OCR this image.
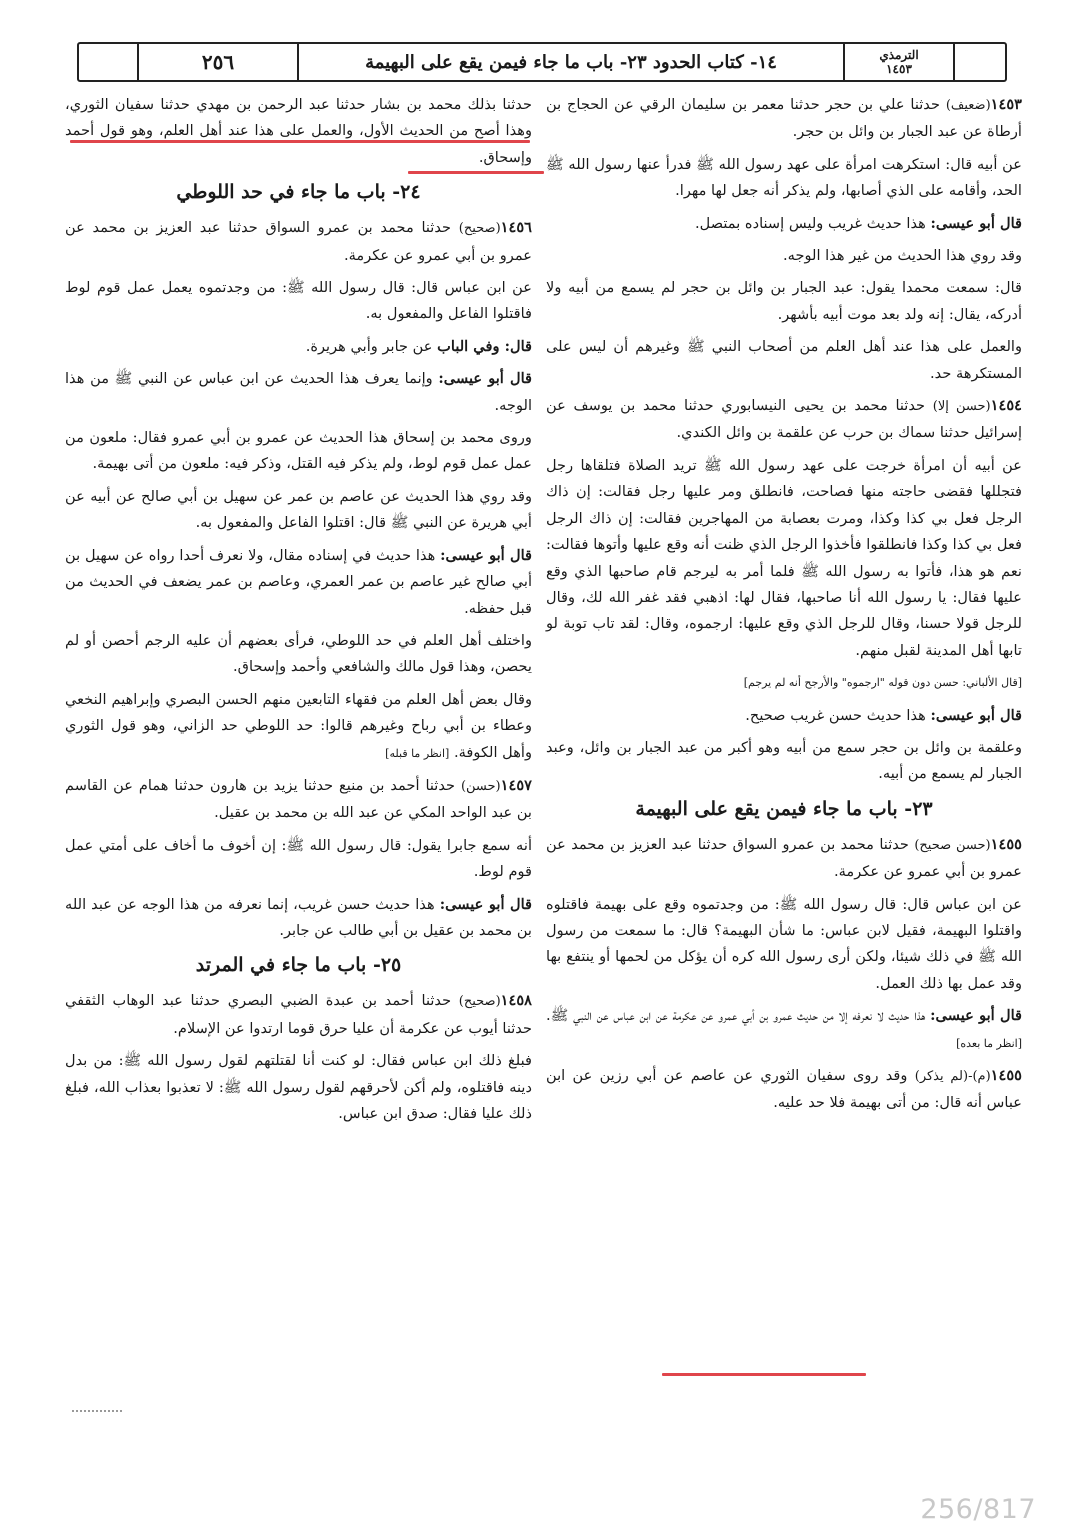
٢٥٦	١٤- كتاب الحدود ٢٣- باب ما جاء فيمن يقع على البهيمة	الترمذي
١٤٥٣

١٤٥٣(ضعيف) حدثنا علي بن حجر حدثنا معمر بن سليمان الرقي عن الحجاج بن أرطاة عن عبد الجبار بن وائل بن حجر.

عن أبيه قال: استكرهت امرأة على عهد رسول الله ﷺ فدرأ عنها رسول الله ﷺ الحد، وأقامه على الذي أصابها، ولم يذكر أنه جعل لها مهرا.

قال أبو عيسى: هذا حديث غريب وليس إسناده بمتصل.

وقد روي هذا الحديث من غير هذا الوجه.

قال: سمعت محمدا يقول: عبد الجبار بن وائل بن حجر لم يسمع من أبيه ولا أدركه، يقال: إنه ولد بعد موت أبيه بأشهر.

والعمل على هذا عند أهل العلم من أصحاب النبي ﷺ وغيرهم أن ليس على المستكرهة حد.

١٤٥٤(حسن إلا) حدثنا محمد بن يحيى النيسابوري حدثنا محمد بن يوسف عن إسرائيل حدثنا سماك بن حرب عن علقمة بن وائل الكندي.

عن أبيه أن امرأة خرجت على عهد رسول الله ﷺ تريد الصلاة فتلقاها رجل فتجللها فقضى حاجته منها فصاحت، فانطلق ومر عليها رجل فقالت: إن ذاك الرجل فعل بي كذا وكذا، ومرت بعصابة من المهاجرين فقالت: إن ذاك الرجل فعل بي كذا وكذا فانطلقوا فأخذوا الرجل الذي ظنت أنه وقع عليها وأتوها فقالت: نعم هو هذا، فأتوا به رسول الله ﷺ فلما أمر به ليرجم قام صاحبها الذي وقع عليها فقال: يا رسول الله أنا صاحبها، فقال لها: اذهبي فقد غفر الله لك، وقال للرجل قولا حسنا، وقال للرجل الذي وقع عليها: ارجموه، وقال: لقد تاب توبة لو تابها أهل المدينة لقبل منهم.

[قال الألباني: حسن دون قوله "ارجموه" والأرجح أنه لم يرجم]

قال أبو عيسى: هذا حديث حسن غريب صحيح.

وعلقمة بن وائل بن حجر سمع من أبيه وهو أكبر من عبد الجبار بن وائل، وعبد الجبار لم يسمع من أبيه.

٢٣- باب ما جاء فيمن يقع على البهيمة

١٤٥٥(حسن صحيح) حدثنا محمد بن عمرو السواق حدثنا عبد العزيز بن محمد عن عمرو بن أبي عمرو عن عكرمة.

عن ابن عباس قال: قال رسول الله ﷺ: من وجدتموه وقع على بهيمة فاقتلوه واقتلوا البهيمة، فقيل لابن عباس: ما شأن البهيمة؟ قال: ما سمعت من رسول الله ﷺ في ذلك شيئا، ولكن أرى رسول الله كره أن يؤكل من لحمها أو ينتفع بها وقد عمل بها ذلك العمل.

قال أبو عيسى: هذا حديث لا نعرفه إلا من حديث عمرو بن أبي عمرو عن عكرمة عن ابن عباس عن النبي ﷺ. [انظر ما بعده]

١٤٥٥(م)-(لم يذكر) وقد روى سفيان الثوري عن عاصم عن أبي رزين عن ابن عباس أنه قال: من أتى بهيمة فلا حد عليه.

حدثنا بذلك محمد بن بشار حدثنا عبد الرحمن بن مهدي حدثنا سفيان الثوري، وهذا أصح من الحديث الأول، والعمل على هذا عند أهل العلم، وهو قول أحمد وإسحاق.

٢٤- باب ما جاء في حد اللوطي

١٤٥٦(صحيح) حدثنا محمد بن عمرو السواق حدثنا عبد العزيز بن محمد عن عمرو بن أبي عمرو عن عكرمة.

عن ابن عباس قال: قال رسول الله ﷺ: من وجدتموه يعمل عمل قوم لوط فاقتلوا الفاعل والمفعول به.

قال: وفي الباب عن جابر وأبي هريرة.

قال أبو عيسى: وإنما يعرف هذا الحديث عن ابن عباس عن النبي ﷺ من هذا الوجه.

وروى محمد بن إسحاق هذا الحديث عن عمرو بن أبي عمرو فقال: ملعون من عمل عمل قوم لوط، ولم يذكر فيه القتل، وذكر فيه: ملعون من أتى بهيمة.

وقد روي هذا الحديث عن عاصم بن عمر عن سهيل بن أبي صالح عن أبيه عن أبي هريرة عن النبي ﷺ قال: اقتلوا الفاعل والمفعول به.

قال أبو عيسى: هذا حديث في إسناده مقال، ولا نعرف أحدا رواه عن سهيل بن أبي صالح غير عاصم بن عمر العمري، وعاصم بن عمر يضعف في الحديث من قبل حفظه.

واختلف أهل العلم في حد اللوطي، فرأى بعضهم أن عليه الرجم أحصن أو لم يحصن، وهذا قول مالك والشافعي وأحمد وإسحاق.

وقال بعض أهل العلم من فقهاء التابعين منهم الحسن البصري وإبراهيم النخعي وعطاء بن أبي رباح وغيرهم قالوا: حد اللوطي حد الزاني، وهو قول الثوري وأهل الكوفة. [انظر ما قبله]

١٤٥٧(حسن) حدثنا أحمد بن منيع حدثنا يزيد بن هارون حدثنا همام عن القاسم بن عبد الواحد المكي عن عبد الله بن محمد بن عقيل.

أنه سمع جابرا يقول: قال رسول الله ﷺ: إن أخوف ما أخاف على أمتي عمل قوم لوط.

قال أبو عيسى: هذا حديث حسن غريب، إنما نعرفه من هذا الوجه عن عبد الله بن محمد بن عقيل بن أبي طالب عن جابر.

٢٥- باب ما جاء في المرتد

١٤٥٨(صحيح) حدثنا أحمد بن عبدة الضبي البصري حدثنا عبد الوهاب الثقفي حدثنا أيوب عن عكرمة أن عليا حرق قوما ارتدوا عن الإسلام.

فبلغ ذلك ابن عباس فقال: لو كنت أنا لقتلتهم لقول رسول الله ﷺ: من بدل دينه فاقتلوه، ولم أكن لأحرقهم لقول رسول الله ﷺ: لا تعذبوا بعذاب الله، فبلغ ذلك عليا فقال: صدق ابن عباس.

256/817
